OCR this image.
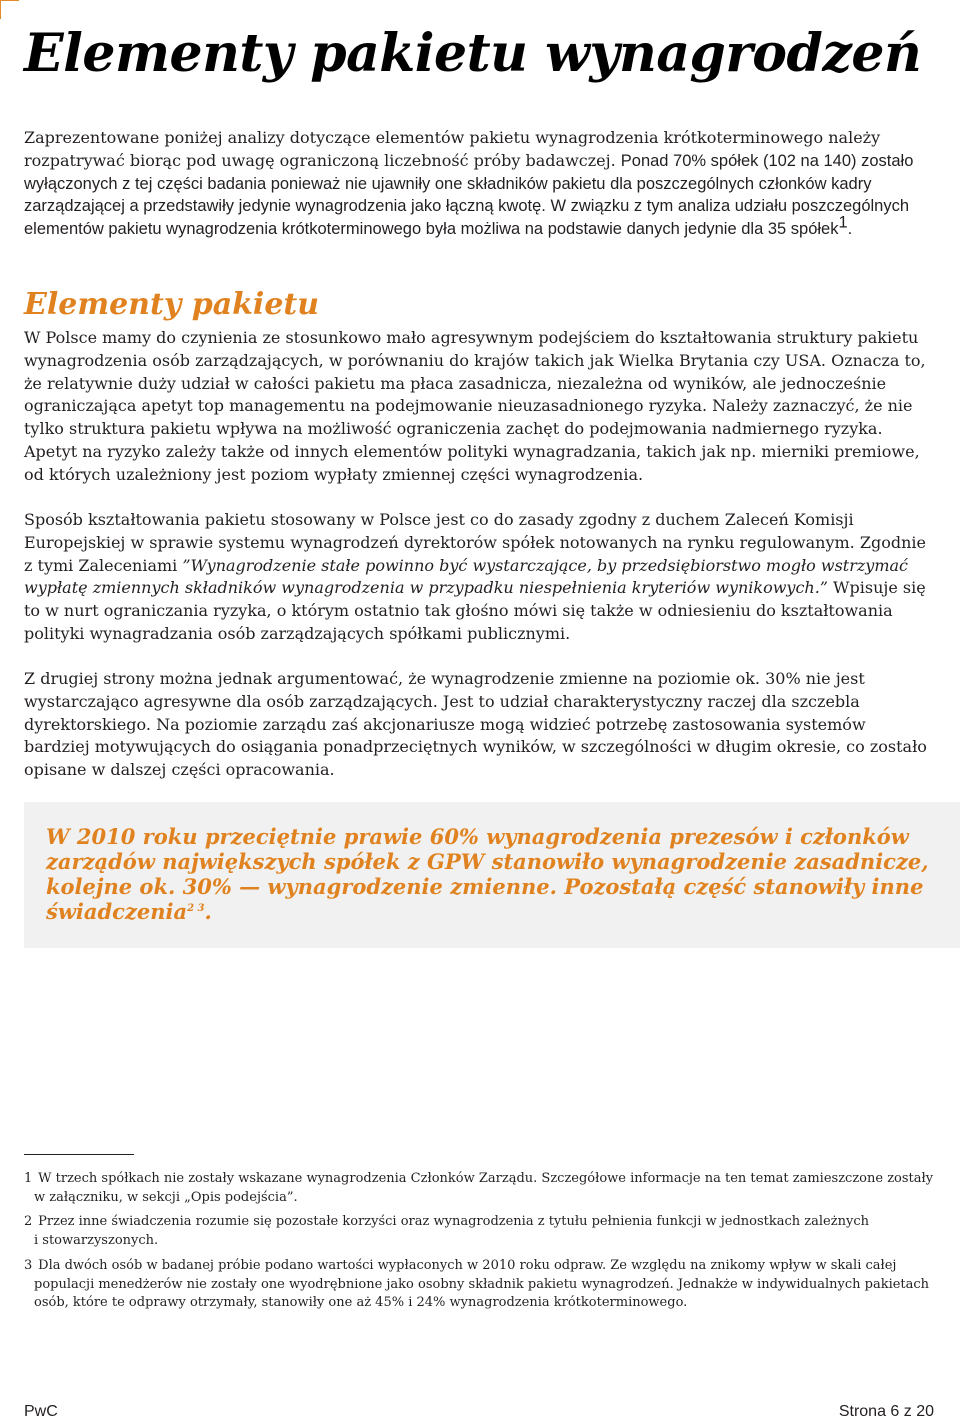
Elementy pakietu wynagrodzeń

Zaprezentowane poniżej analizy dotyczące elementów pakietu wynagrodzenia krótkoterminowego należy rozpatrywać biorąc pod uwagę ograniczoną liczebność próby badawczej. Ponad 70% spółek (102 na 140) zostało wyłączonych z tej części badania ponieważ nie ujawniły one składników pakietu dla poszczególnych członków kadry zarządzającej a przedstawiły jedynie wynagrodzenia jako łączną kwotę. W związku z tym analiza udziału poszczególnych elementów pakietu wynagrodzenia krótkoterminowego była możliwa na podstawie danych jedynie dla 35 spółek$^1$.

Elementy pakietu

W Polsce mamy do czynienia ze stosunkowo mało agresywnym podejściem do kształtowania struktury pakietu wynagrodzenia osób zarządzających, w porównaniu do krajów takich jak Wielka Brytania czy USA. Oznacza to, że relatywnie duży udział w całości pakietu ma płaca zasadnicza, niezależna od wyników, ale jednocześnie ograniczająca apetyt top managementu na podejmowanie nieuzasadnionego ryzyka. Należy zaznaczyć, że nie tylko struktura pakietu wpływa na możliwość ograniczenia zachęt do podejmowania nadmiernego ryzyka. Apetyt na ryzyko zależy także od innych elementów polityki wynagradzania, takich jak np. mierniki premiowe, od których uzależniony jest poziom wypłaty zmiennej części wynagrodzenia.

Sposób kształtowania pakietu stosowany w Polsce jest co do zasady zgodny z duchem Zaleceń Komisji Europejskiej w sprawie systemu wynagrodzeń dyrektorów spółek notowanych na rynku regulowanym. Zgodnie z tymi Zaleceniami ”Wynagrodzenie stałe powinno być wystarczające, by przedsiębiorstwo mogło wstrzymać wypłatę zmiennych składników wynagrodzenia w przypadku niespełnienia kryteriów wynikowych.” Wpisuje się to w nurt ograniczania ryzyka, o którym ostatnio tak głośno mówi się także w odniesieniu do kształtowania polityki wynagradzania osób zarządzających spółkami publicznymi.

Z drugiej strony można jednak argumentować, że wynagrodzenie zmienne na poziomie ok. 30% nie jest wystarczająco agresywne dla osób zarządzających. Jest to udział charakterystyczny raczej dla szczebla dyrektorskiego. Na poziomie zarządu zaś akcjonariusze mogą widzieć potrzebę zastosowania systemów bardziej motywujących do osiągania ponadprzeciętnych wyników, w szczególności w długim okresie, co zostało opisane w dalszej części opracowania.

W 2010 roku przeciętnie prawie 60% wynagrodzenia prezesów i członków zarządów największych spółek z GPW stanowiło wynagrodzenie zasadnicze, kolejne ok. 30% — wynagrodzenie zmienne. Pozostałą część stanowiły inne świadczenia$^{2 3}$.

1 W trzech spółkach nie zostały wskazane wynagrodzenia Członków Zarządu. Szczegółowe informacje na ten temat zamieszczone zostały
w załączniku, w sekcji „Opis podejścia”.

2 Przez inne świadczenia rozumie się pozostałe korzyści oraz wynagrodzenia z tytułu pełnienia funkcji w jednostkach zależnych
i stowarzyszonych.

3 Dla dwóch osób w badanej próbie podano wartości wypłaconych w 2010 roku odpraw. Ze względu na znikomy wpływ w skali całej
populacji menedżerów nie zostały one wyodrębnione jako osobny składnik pakietu wynagrodzeń. Jednakże w indywidualnych pakietach osób, które te odprawy otrzymały, stanowiły one aż 45% i 24% wynagrodzenia krótkoterminowego.

PwC	Strona 6 z 20
